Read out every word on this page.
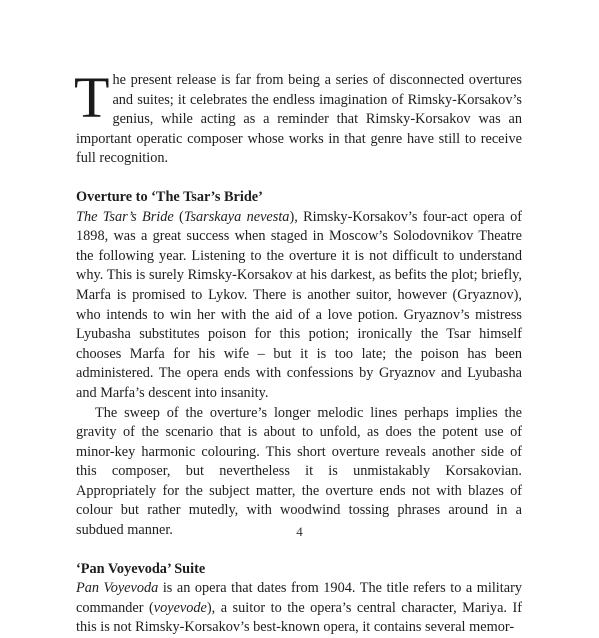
T he present release is far from being a series of disconnected overtures and suites; it celebrates the endless imagination of Rimsky-Korsakov’s genius, while acting as a reminder that Rimsky-Korsakov was an important operatic composer whose works in that genre have still to receive full recognition.

Overture to ‘The Tsar’s Bride’

The Tsar’s Bride (Tsarskaya nevesta), Rimsky-Korsakov’s four-act opera of 1898, was a great success when staged in Moscow’s Solodovnikov Theatre the following year. Listening to the overture it is not difficult to understand why. This is surely Rimsky-Korsakov at his darkest, as befits the plot; briefly, Marfa is promised to Lykov. There is another suitor, however (Gryaznov), who intends to win her with the aid of a love potion. Gryaznov’s mistress Lyubasha substitutes poison for this potion; ironically the Tsar himself chooses Marfa for his wife – but it is too late; the poison has been administered. The opera ends with confessions by Gryaznov and Lyubasha and Marfa’s descent into insanity.

The sweep of the overture’s longer melodic lines perhaps implies the gravity of the scenario that is about to unfold, as does the potent use of minor-key harmonic colouring. This short overture reveals another side of this composer, but nevertheless it is unmistakably Korsakovian. Appropriately for the subject matter, the overture ends not with blazes of colour but rather mutedly, with woodwind tossing phrases around in a subdued manner.

‘Pan Voyevoda’ Suite

Pan Voyevoda is an opera that dates from 1904. The title refers to a military commander (voyevode), a suitor to the opera’s central character, Mariya. If this is not Rimsky-Korsakov’s best-known opera, it contains several memor-

4
